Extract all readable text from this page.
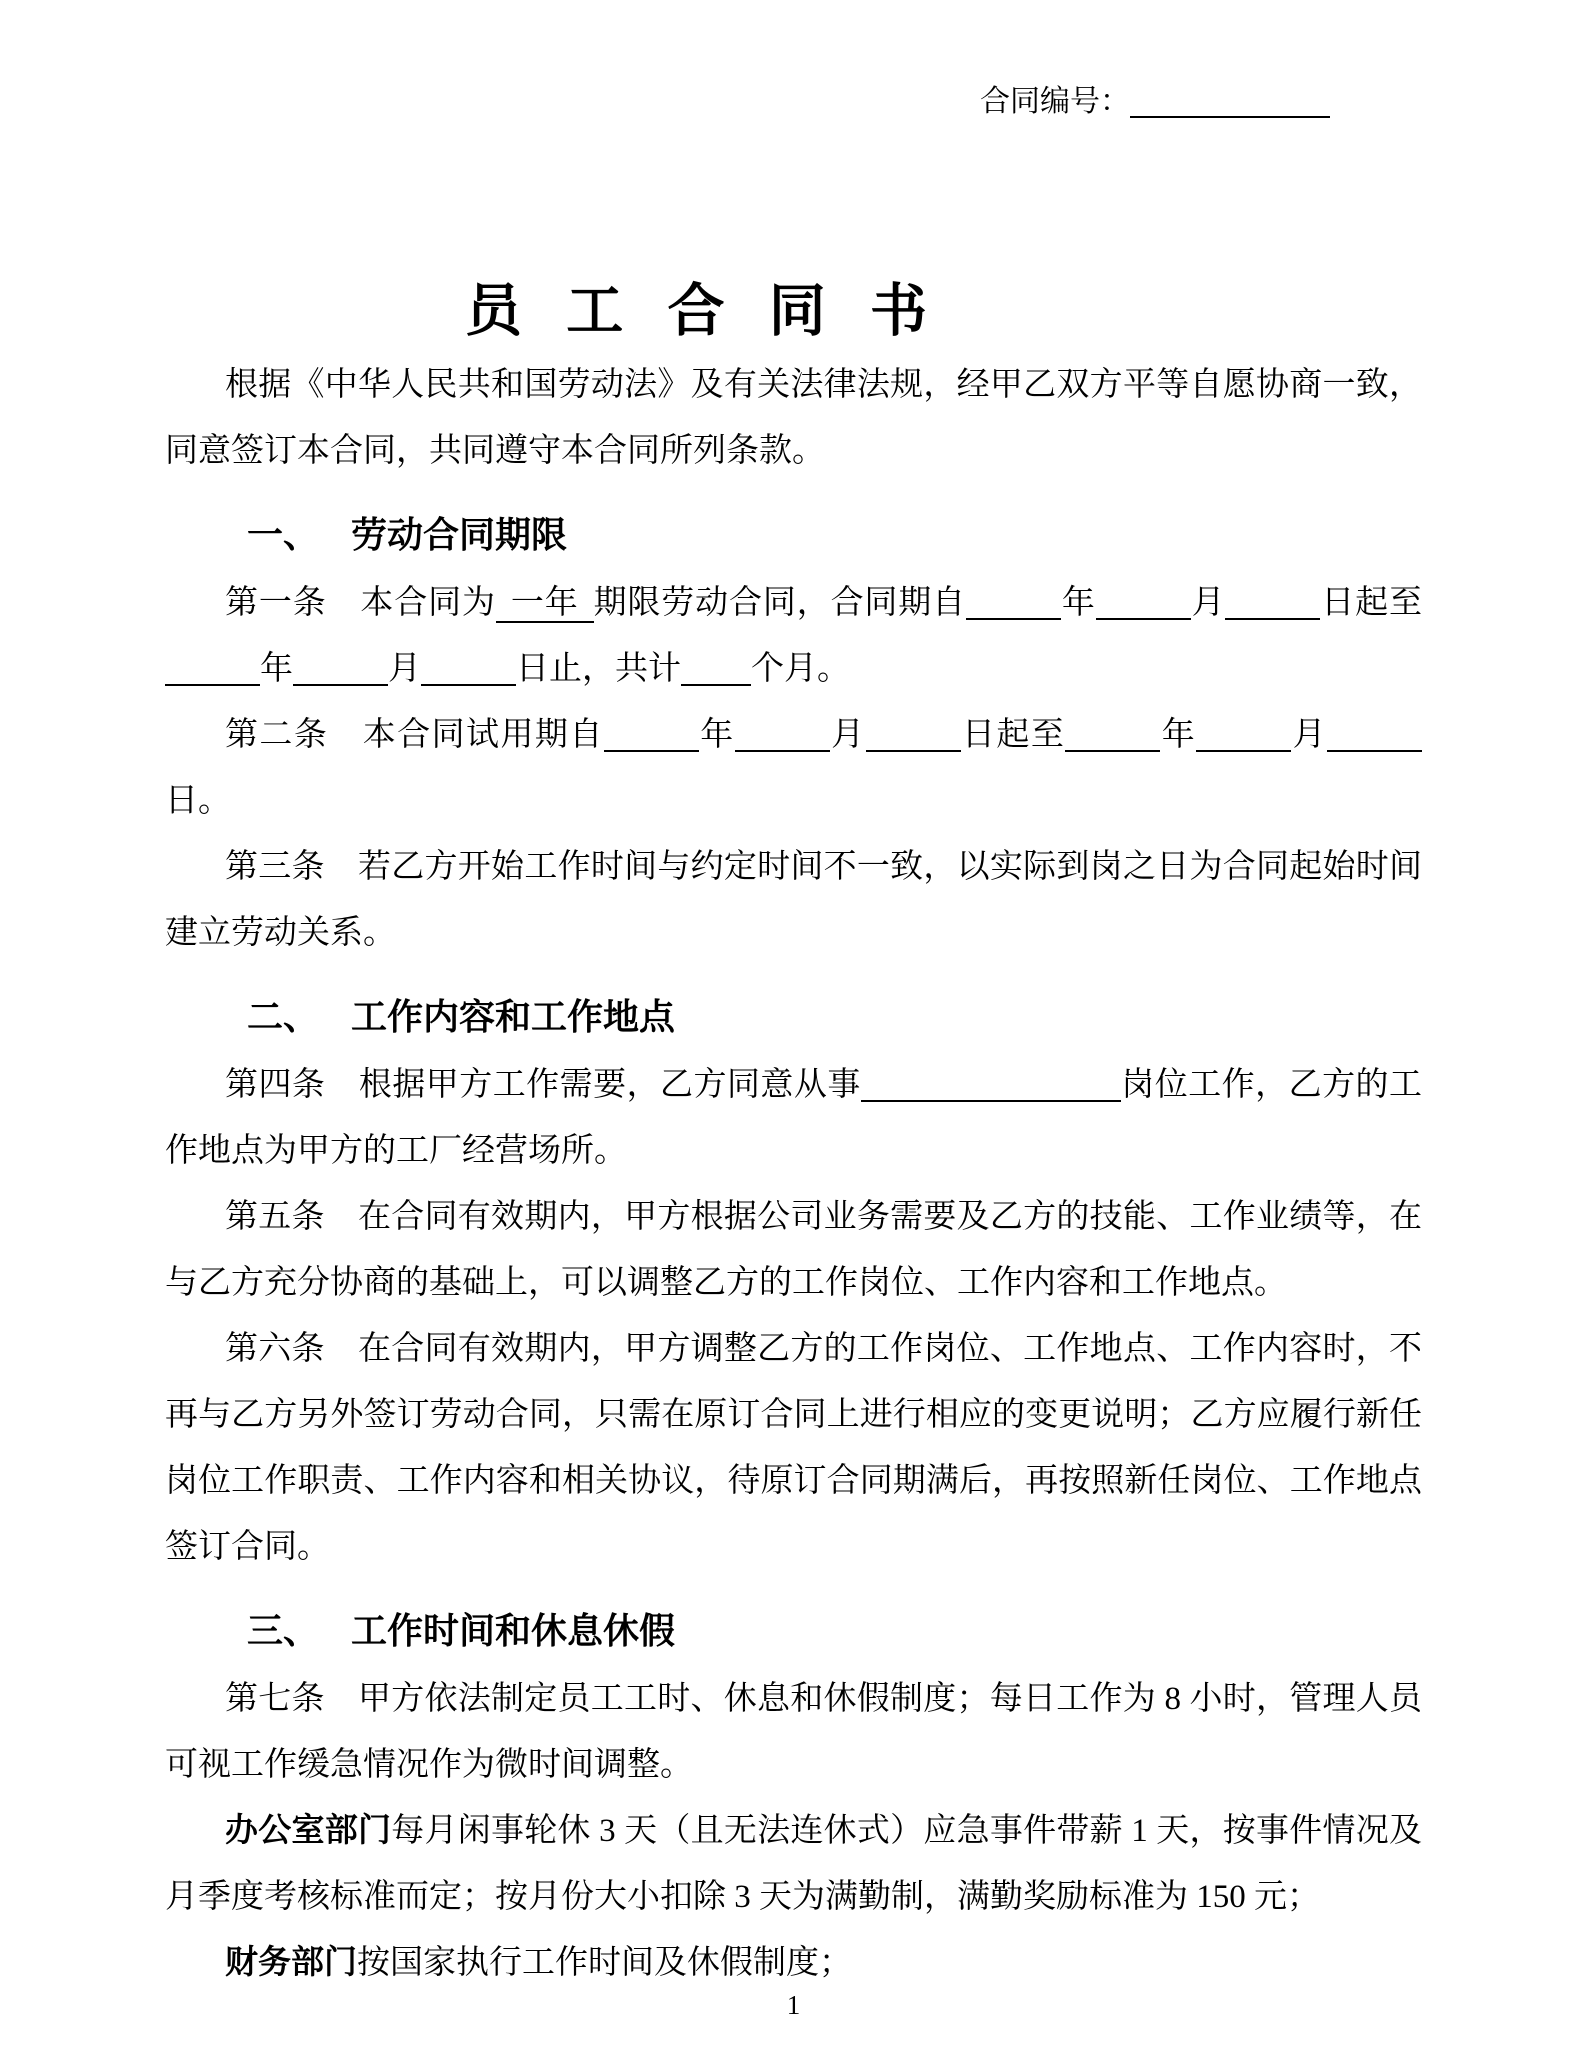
合同编号：
员 工 合 同 书

根据《中华人民共和国劳动法》及有关法律法规，经甲乙双方平等自愿协商一致，同意签订本合同，共同遵守本合同所列条款。

一、 劳动合同期限

第一条　本合同为 一年 期限劳动合同，合同期自	年	月	日起至年	月	日止，共计 个月。

第二条　本合同试用期自	年	月	日起至	年	月日。

第三条　若乙方开始工作时间与约定时间不一致，以实际到岗之日为合同起始时间建立劳动关系。

二、 工作内容和工作地点

第四条　根据甲方工作需要，乙方同意从事	岗位工作，乙方的工作地点为甲方的工厂经营场所。

第五条　在合同有效期内，甲方根据公司业务需要及乙方的技能、工作业绩等，在与乙方充分协商的基础上，可以调整乙方的工作岗位、工作内容和工作地点。

第六条　在合同有效期内，甲方调整乙方的工作岗位、工作地点、工作内容时，不再与乙方另外签订劳动合同，只需在原订合同上进行相应的变更说明；乙方应履行新任岗位工作职责、工作内容和相关协议，待原订合同期满后，再按照新任岗位、工作地点签订合同。

三、 工作时间和休息休假

第七条　甲方依法制定员工工时、休息和休假制度；每日工作为 8 小时，管理人员可视工作缓急情况作为微时间调整。

办公室部门每月闲事轮休 3 天（且无法连休式）应急事件带薪 1 天，按事件情况及月季度考核标准而定；按月份大小扣除 3 天为满勤制，满勤奖励标准为 150 元；

财务部门按国家执行工作时间及休假制度；

1
